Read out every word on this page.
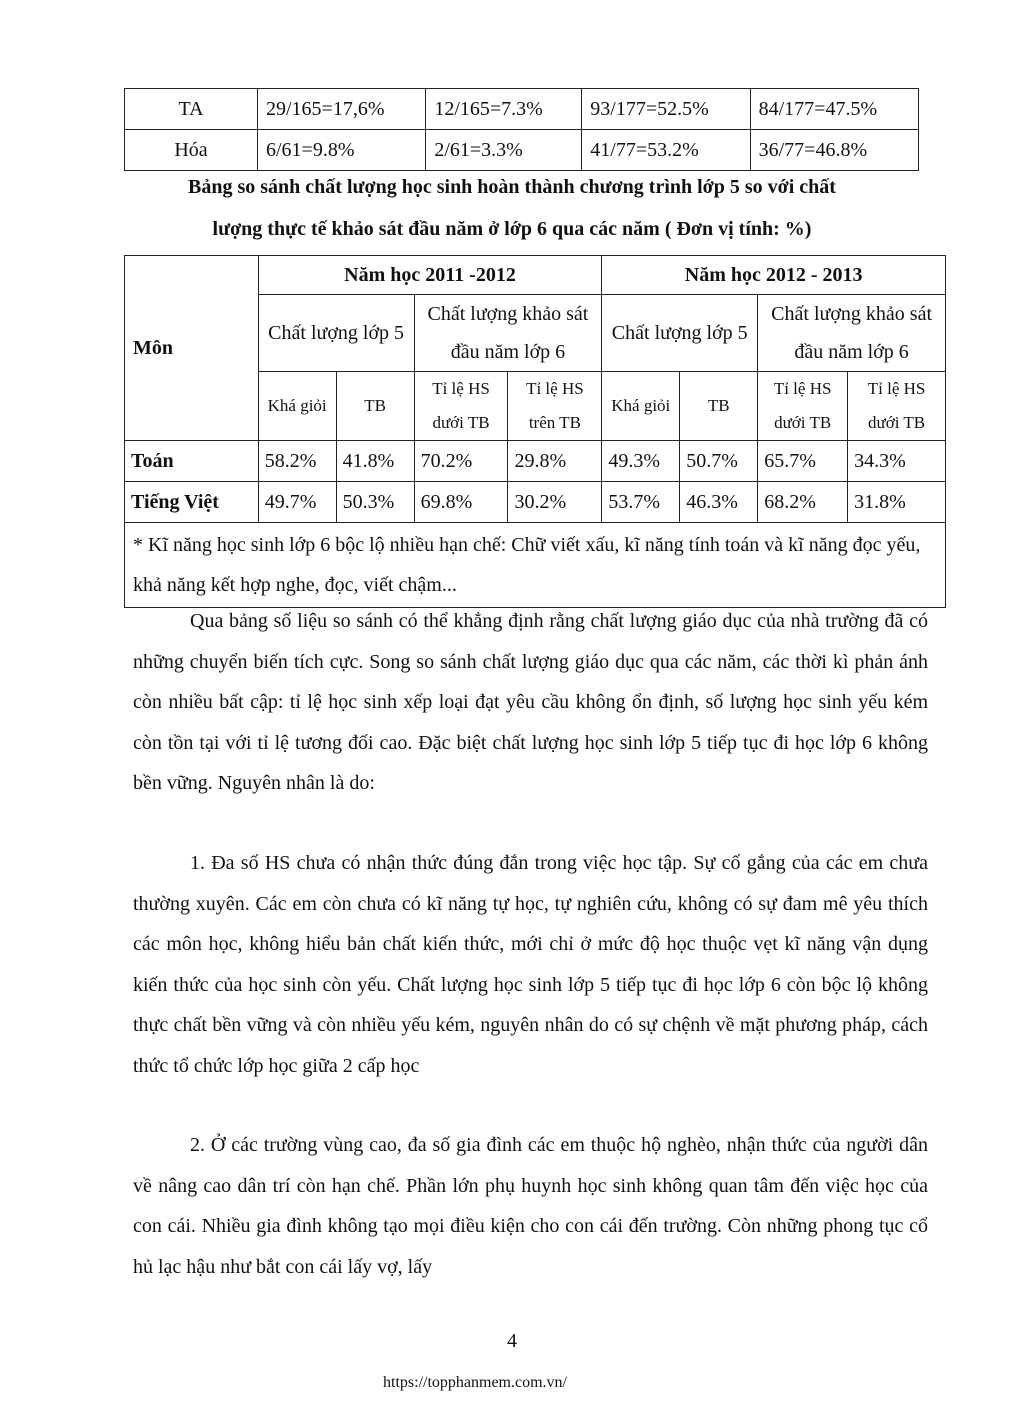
TA	29/165=17,6%	12/165=7.3%	93/177=52.5%	84/177=47.5%
Hóa	6/61=9.8%	2/61=3.3%	41/77=53.2%	36/77=46.8%
Bảng so sánh chất lượng học sinh hoàn thành chương trình lớp 5 so với chất
lượng thực tế khảo sát đầu năm ở lớp 6 qua các năm ( Đơn vị tính: %)
Môn	Năm học 2011 -2012				Năm học 2012 - 2013			
	Chất lượng lớp 5		Chất lượng khảo sát đầu năm lớp 6		Chất lượng lớp 5		Chất lượng khảo sát đầu năm lớp 6	
	Khá giỏi	TB	Tỉ lệ HS dưới TB	Tỉ lệ HS trên TB	Khá giỏi	TB	Tỉ lệ HS dưới TB	Tỉ lệ HS dưới TB
Toán	58.2%	41.8%	70.2%	29.8%	49.3%	50.7%	65.7%	34.3%
Tiếng Việt	49.7%	50.3%	69.8%	30.2%	53.7%	46.3%	68.2%	31.8%
* Kĩ năng học sinh lớp 6 bộc lộ nhiều hạn chế: Chữ viết xấu, kĩ năng tính toán và kĩ năng đọc yếu, khả năng kết hợp nghe, đọc, viết chậm...								

Qua bảng số liệu so sánh có thể khẳng định rằng chất lượng giáo dục của nhà trường đã có những chuyển biến tích cực. Song so sánh chất lượng giáo dục qua các năm, các thời kì phản ánh còn nhiều bất cập: tỉ lệ học sinh xếp loại đạt yêu cầu không ổn định, số lượng học sinh yếu kém còn tồn tại với tỉ lệ tương đối cao. Đặc biệt chất lượng học sinh lớp 5 tiếp tục đi học lớp 6 không bền vững. Nguyên nhân là do:

1. Đa số HS chưa có nhận thức đúng đắn trong việc học tập. Sự cố gắng của các em chưa thường xuyên. Các em còn chưa có kĩ năng tự học, tự nghiên cứu, không có sự đam mê yêu thích các môn học, không hiểu bản chất kiến thức, mới chỉ ở mức độ học thuộc vẹt kĩ năng vận dụng kiến thức của học sinh còn yếu. Chất lượng học sinh lớp 5 tiếp tục đi học lớp 6 còn bộc lộ không thực chất bền vững và còn nhiều yếu kém, nguyên nhân do có sự chệnh về mặt phương pháp, cách thức tổ chức lớp học giữa 2 cấp học

2. Ở các trường vùng cao, đa số gia đình các em thuộc hộ nghèo, nhận thức của người dân về nâng cao dân trí còn hạn chế. Phần lớn phụ huynh học sinh không quan tâm đến việc học của con cái. Nhiều gia đình không tạo mọi điều kiện cho con cái đến trường. Còn những phong tục cổ hủ lạc hậu như bắt con cái lấy vợ, lấy

4
https://topphanmem.com.vn/
